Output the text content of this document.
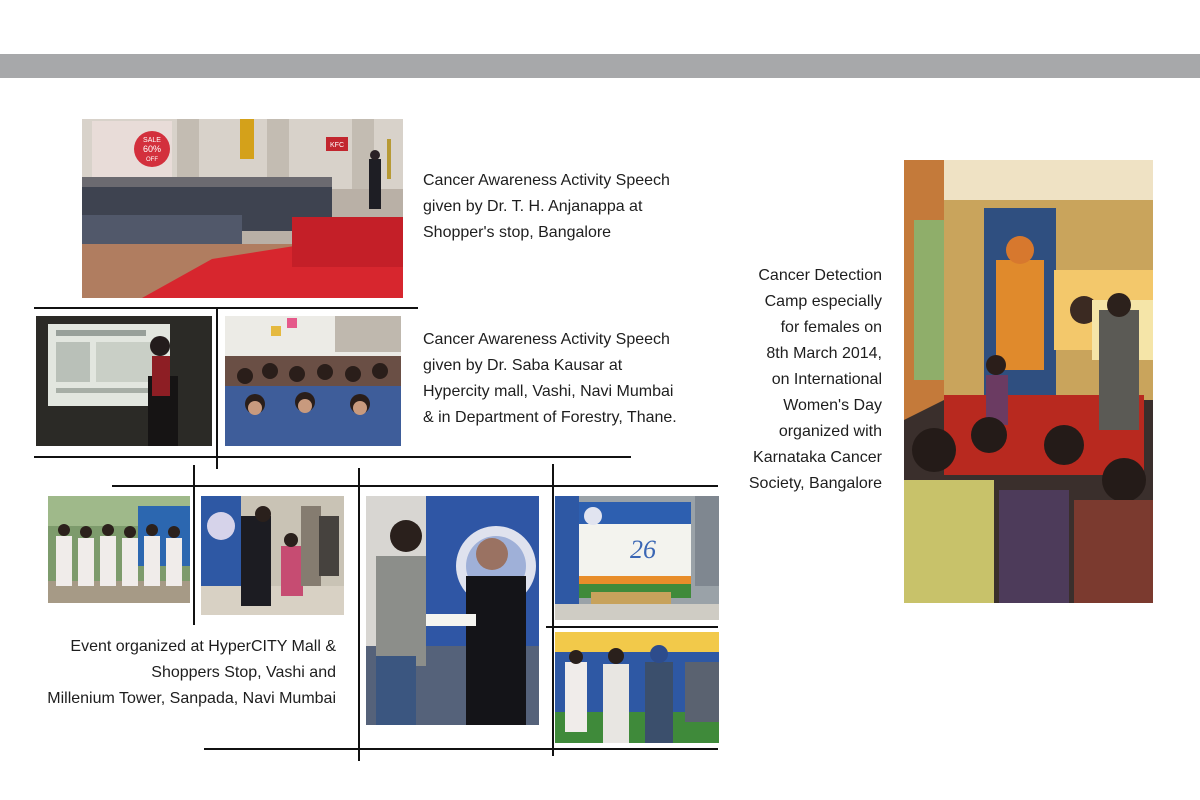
SALE
60%
OFF
KFC

Cancer Awareness Activity Speech
given by Dr. T. H. Anjanappa at
Shopper's stop, Bangalore

Cancer Awareness Activity Speech
given by Dr. Saba Kausar at
Hypercity mall, Vashi, Navi Mumbai
& in Department of Forestry, Thane.

Cancer Detection
Camp especially
for females on
8th March 2014,
on International
Women's Day
organized with
Karnataka Cancer
Society, Bangalore

26

Event organized at HyperCITY Mall &
Shoppers Stop, Vashi and
Millenium Tower, Sanpada, Navi Mumbai
